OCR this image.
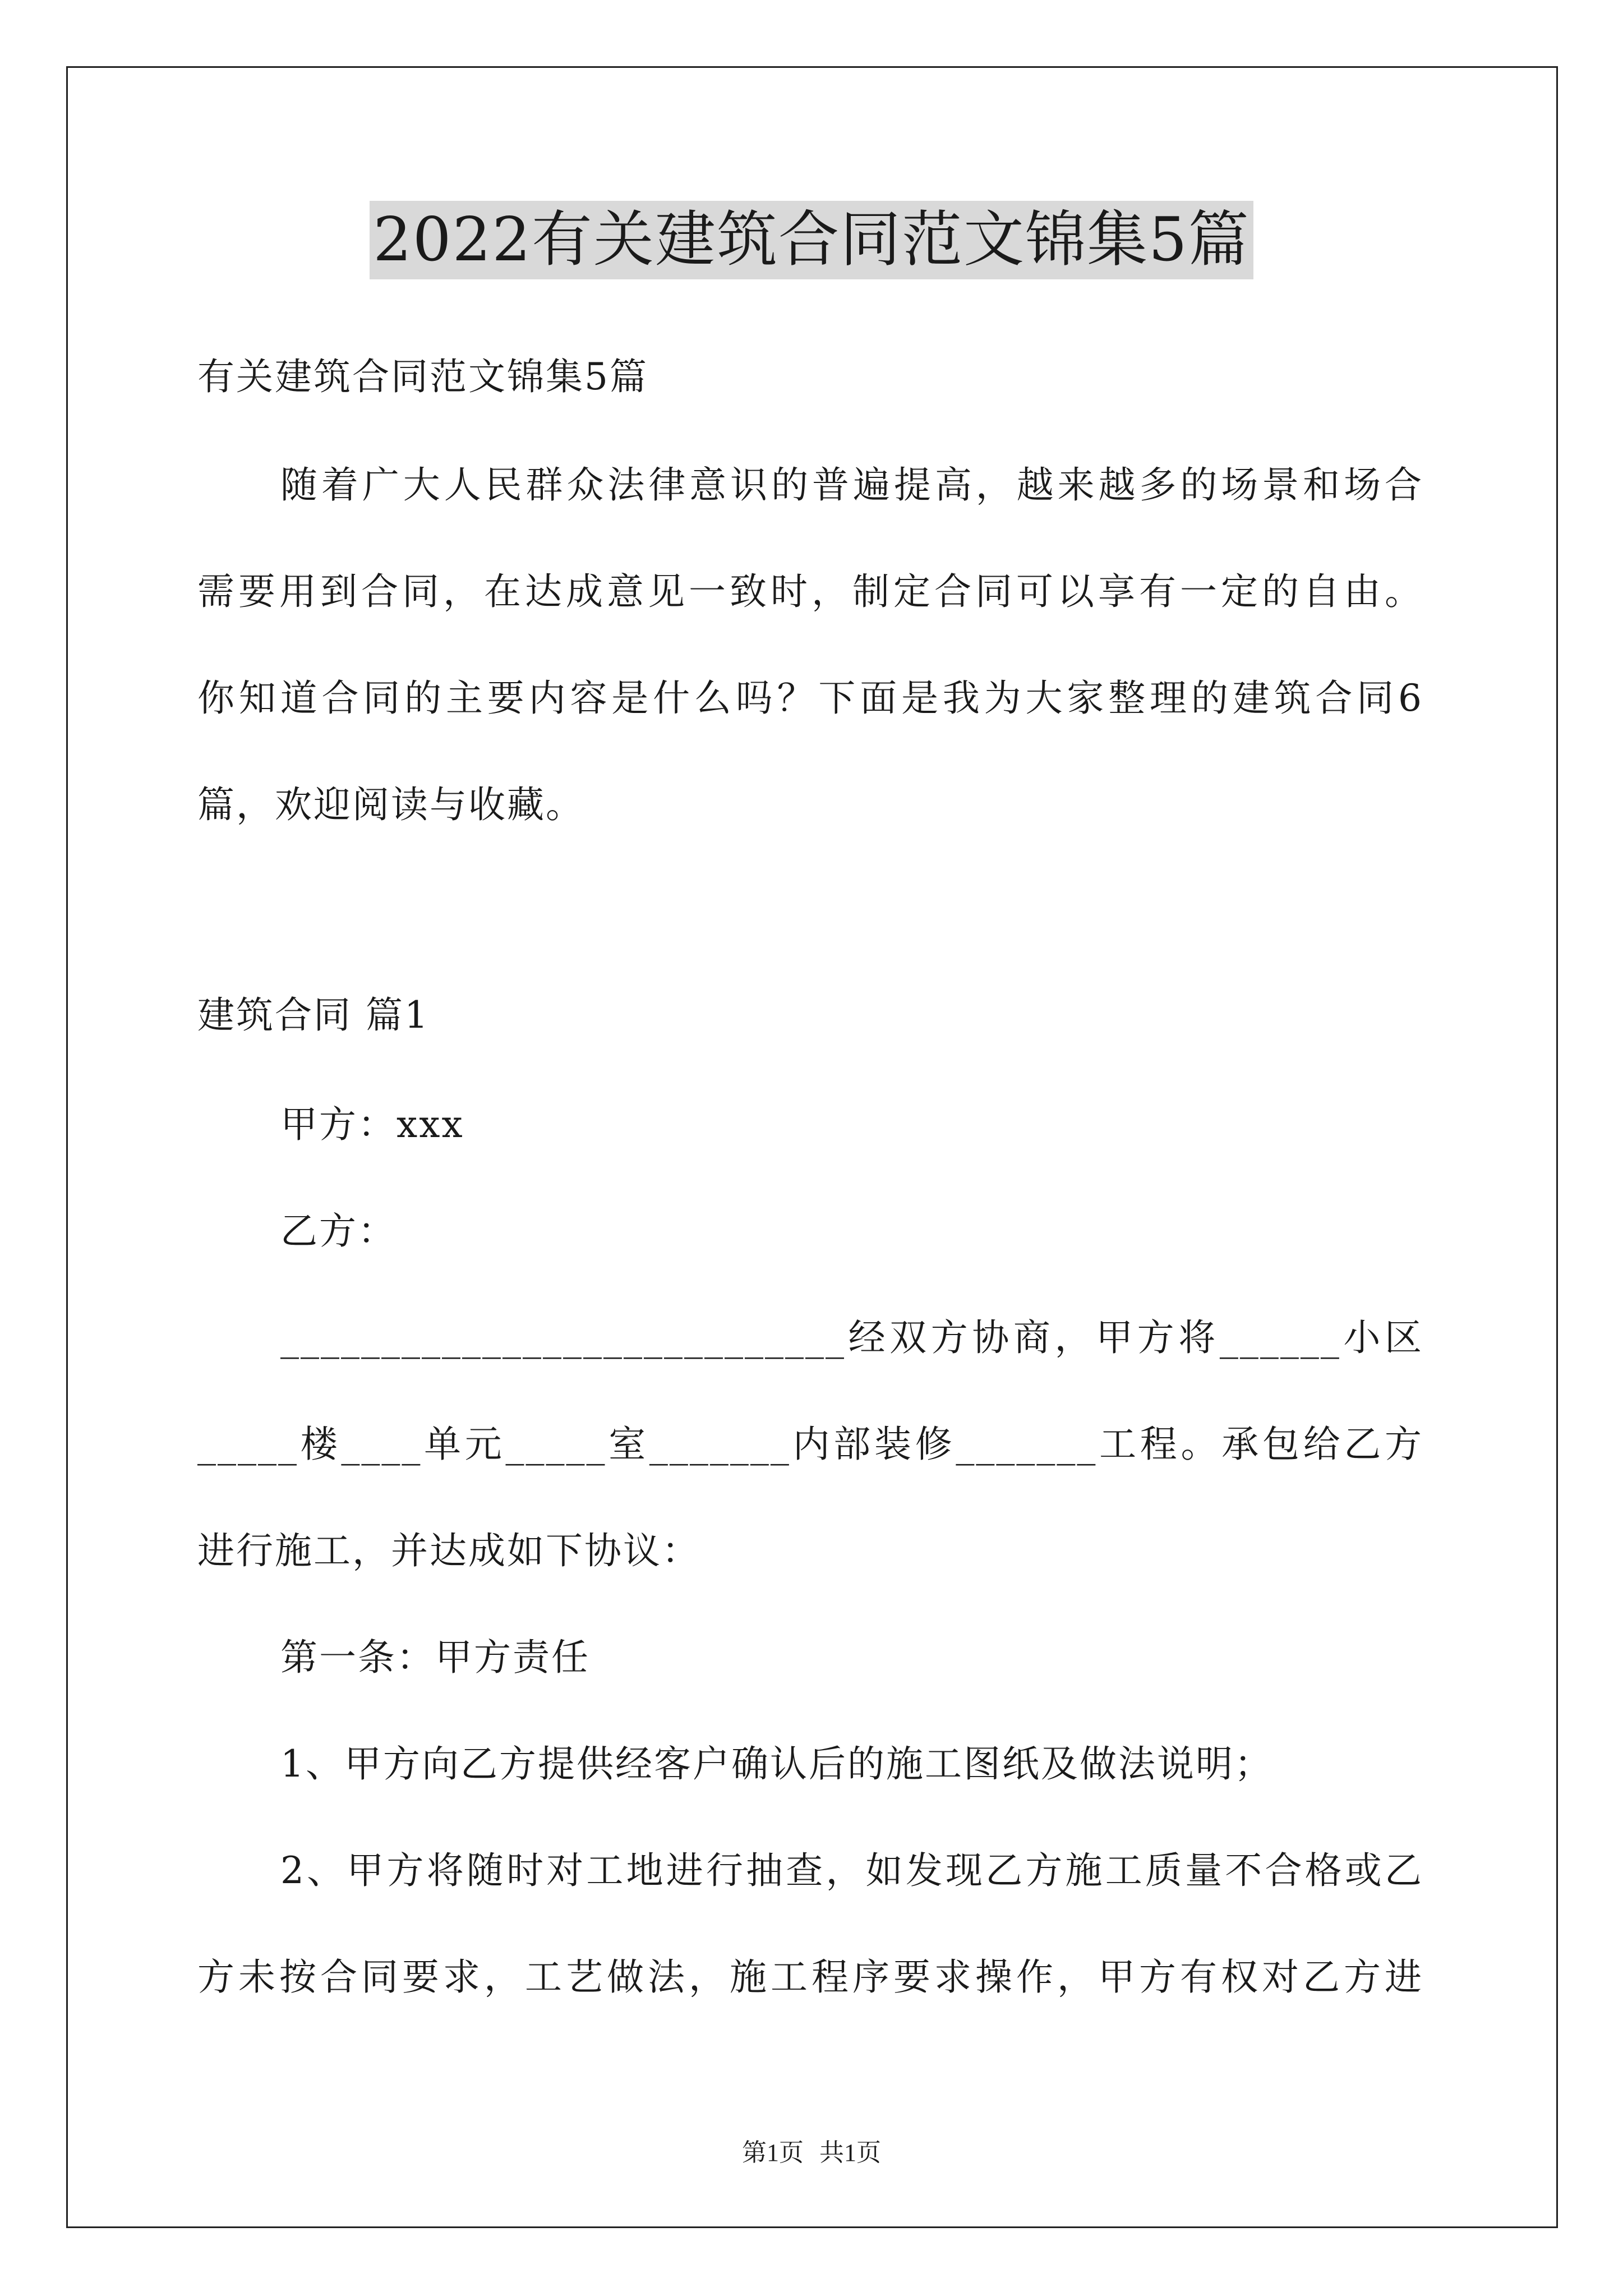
2022有关建筑合同范文锦集5篇
有关建筑合同范文锦集5篇
随着广大人民群众法律意识的普遍提高，越来越多的场景和场合
需要用到合同，在达成意见一致时，制定合同可以享有一定的自由。
你知道合同的主要内容是什么吗？下面是我为大家整理的建筑合同6
篇，欢迎阅读与收藏。
建筑合同 篇1
甲方：xxx
乙方：
____________________________经双方协商，甲方将______小区
_____楼____单元_____室_______内部装修_______工程。承包给乙方
进行施工，并达成如下协议：
第一条：甲方责任
1、甲方向乙方提供经客户确认后的施工图纸及做法说明；
2、甲方将随时对工地进行抽查，如发现乙方施工质量不合格或乙
方未按合同要求，工艺做法，施工程序要求操作，甲方有权对乙方进
第1页 共1页
